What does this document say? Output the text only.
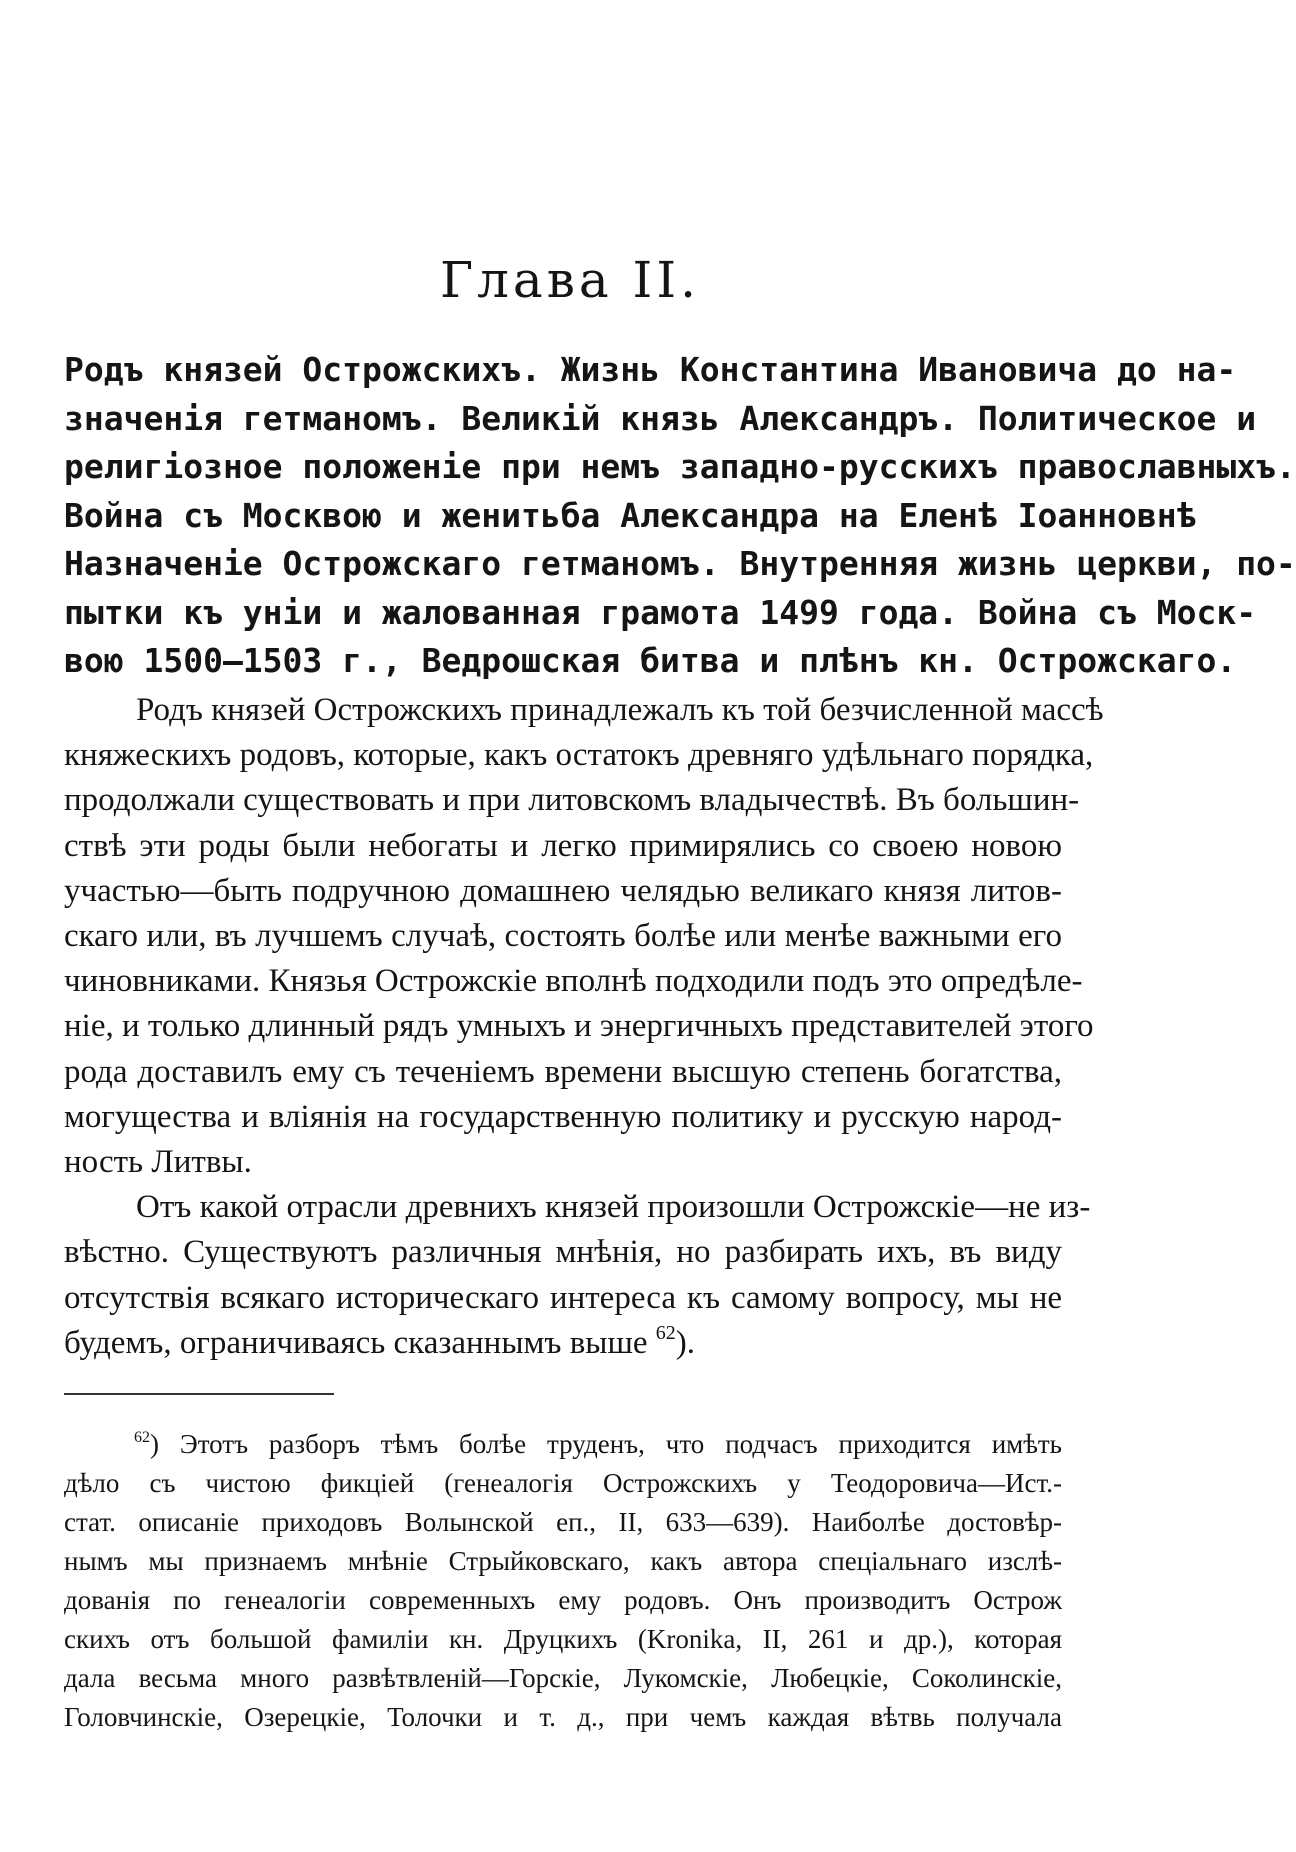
Глава II.
Родъ князей Острожскихъ. Жизнь Константина Ивановича до на-
значенія гетманомъ. Великій князь Александръ. Политическое и
религіозное положеніе при немъ западно-русскихъ православныхъ.
Война съ Москвою и женитьба Александра на Еленѣ Іоанновнѣ
Назначеніе Острожскаго гетманомъ. Внутренняя жизнь церкви, по-
пытки къ уніи и жалованная грамота 1499 года. Война съ Моск-
вою 1500—1503 г., Ведрошская битва и плѣнъ кн. Острожскаго.
Родъ князей Острожскихъ принадлежалъ къ той безчисленной массѣ
княжескихъ родовъ, которые, какъ остатокъ древняго удѣльнаго порядка,
продолжали существовать и при литовскомъ владычествѣ. Въ большин-
ствѣ эти роды были небогаты и легко примирялись со своею новою
участью—быть подручною домашнею челядью великаго князя литов-
скаго или, въ лучшемъ случаѣ, состоять болѣе или менѣе важными его
чиновниками. Князья Острожскіе вполнѣ подходили подъ это опредѣле-
ніе, и только длинный рядъ умныхъ и энергичныхъ представителей этого
рода доставилъ ему съ теченіемъ времени высшую степень богатства,
могущества и вліянія на государственную политику и русскую народ-
ность Литвы.
Отъ какой отрасли древнихъ князей произошли Острожскіе—не из-
вѣстно. Существуютъ различныя мнѣнія, но разбирать ихъ, въ виду
отсутствія всякаго историческаго интереса къ самому вопросу, мы не
будемъ, ограничиваясь сказаннымъ выше $^{62}$).
$^{62}$) Этотъ разборъ тѣмъ болѣе труденъ, что подчасъ приходится имѣть
дѣло съ чистою фикціей (генеалогія Острожскихъ у Теодоровича—Ист.-
стат. описаніе приходовъ Волынской еп., II, 633—639). Наиболѣе достовѣр-
нымъ мы признаемъ мнѣніе Стрыйковскаго, какъ автора спеціальнаго изслѣ-
дованія по генеалогіи современныхъ ему родовъ. Онъ производитъ Острож
скихъ отъ большой фамиліи кн. Друцкихъ (Kronika, II, 261 и др.), которая
дала весьма много развѣтвленій—Горскіе, Лукомскіе, Любецкіе, Соколинскіе,
Головчинскіе, Озерецкіе, Толочки и т. д., при чемъ каждая вѣтвь получала
